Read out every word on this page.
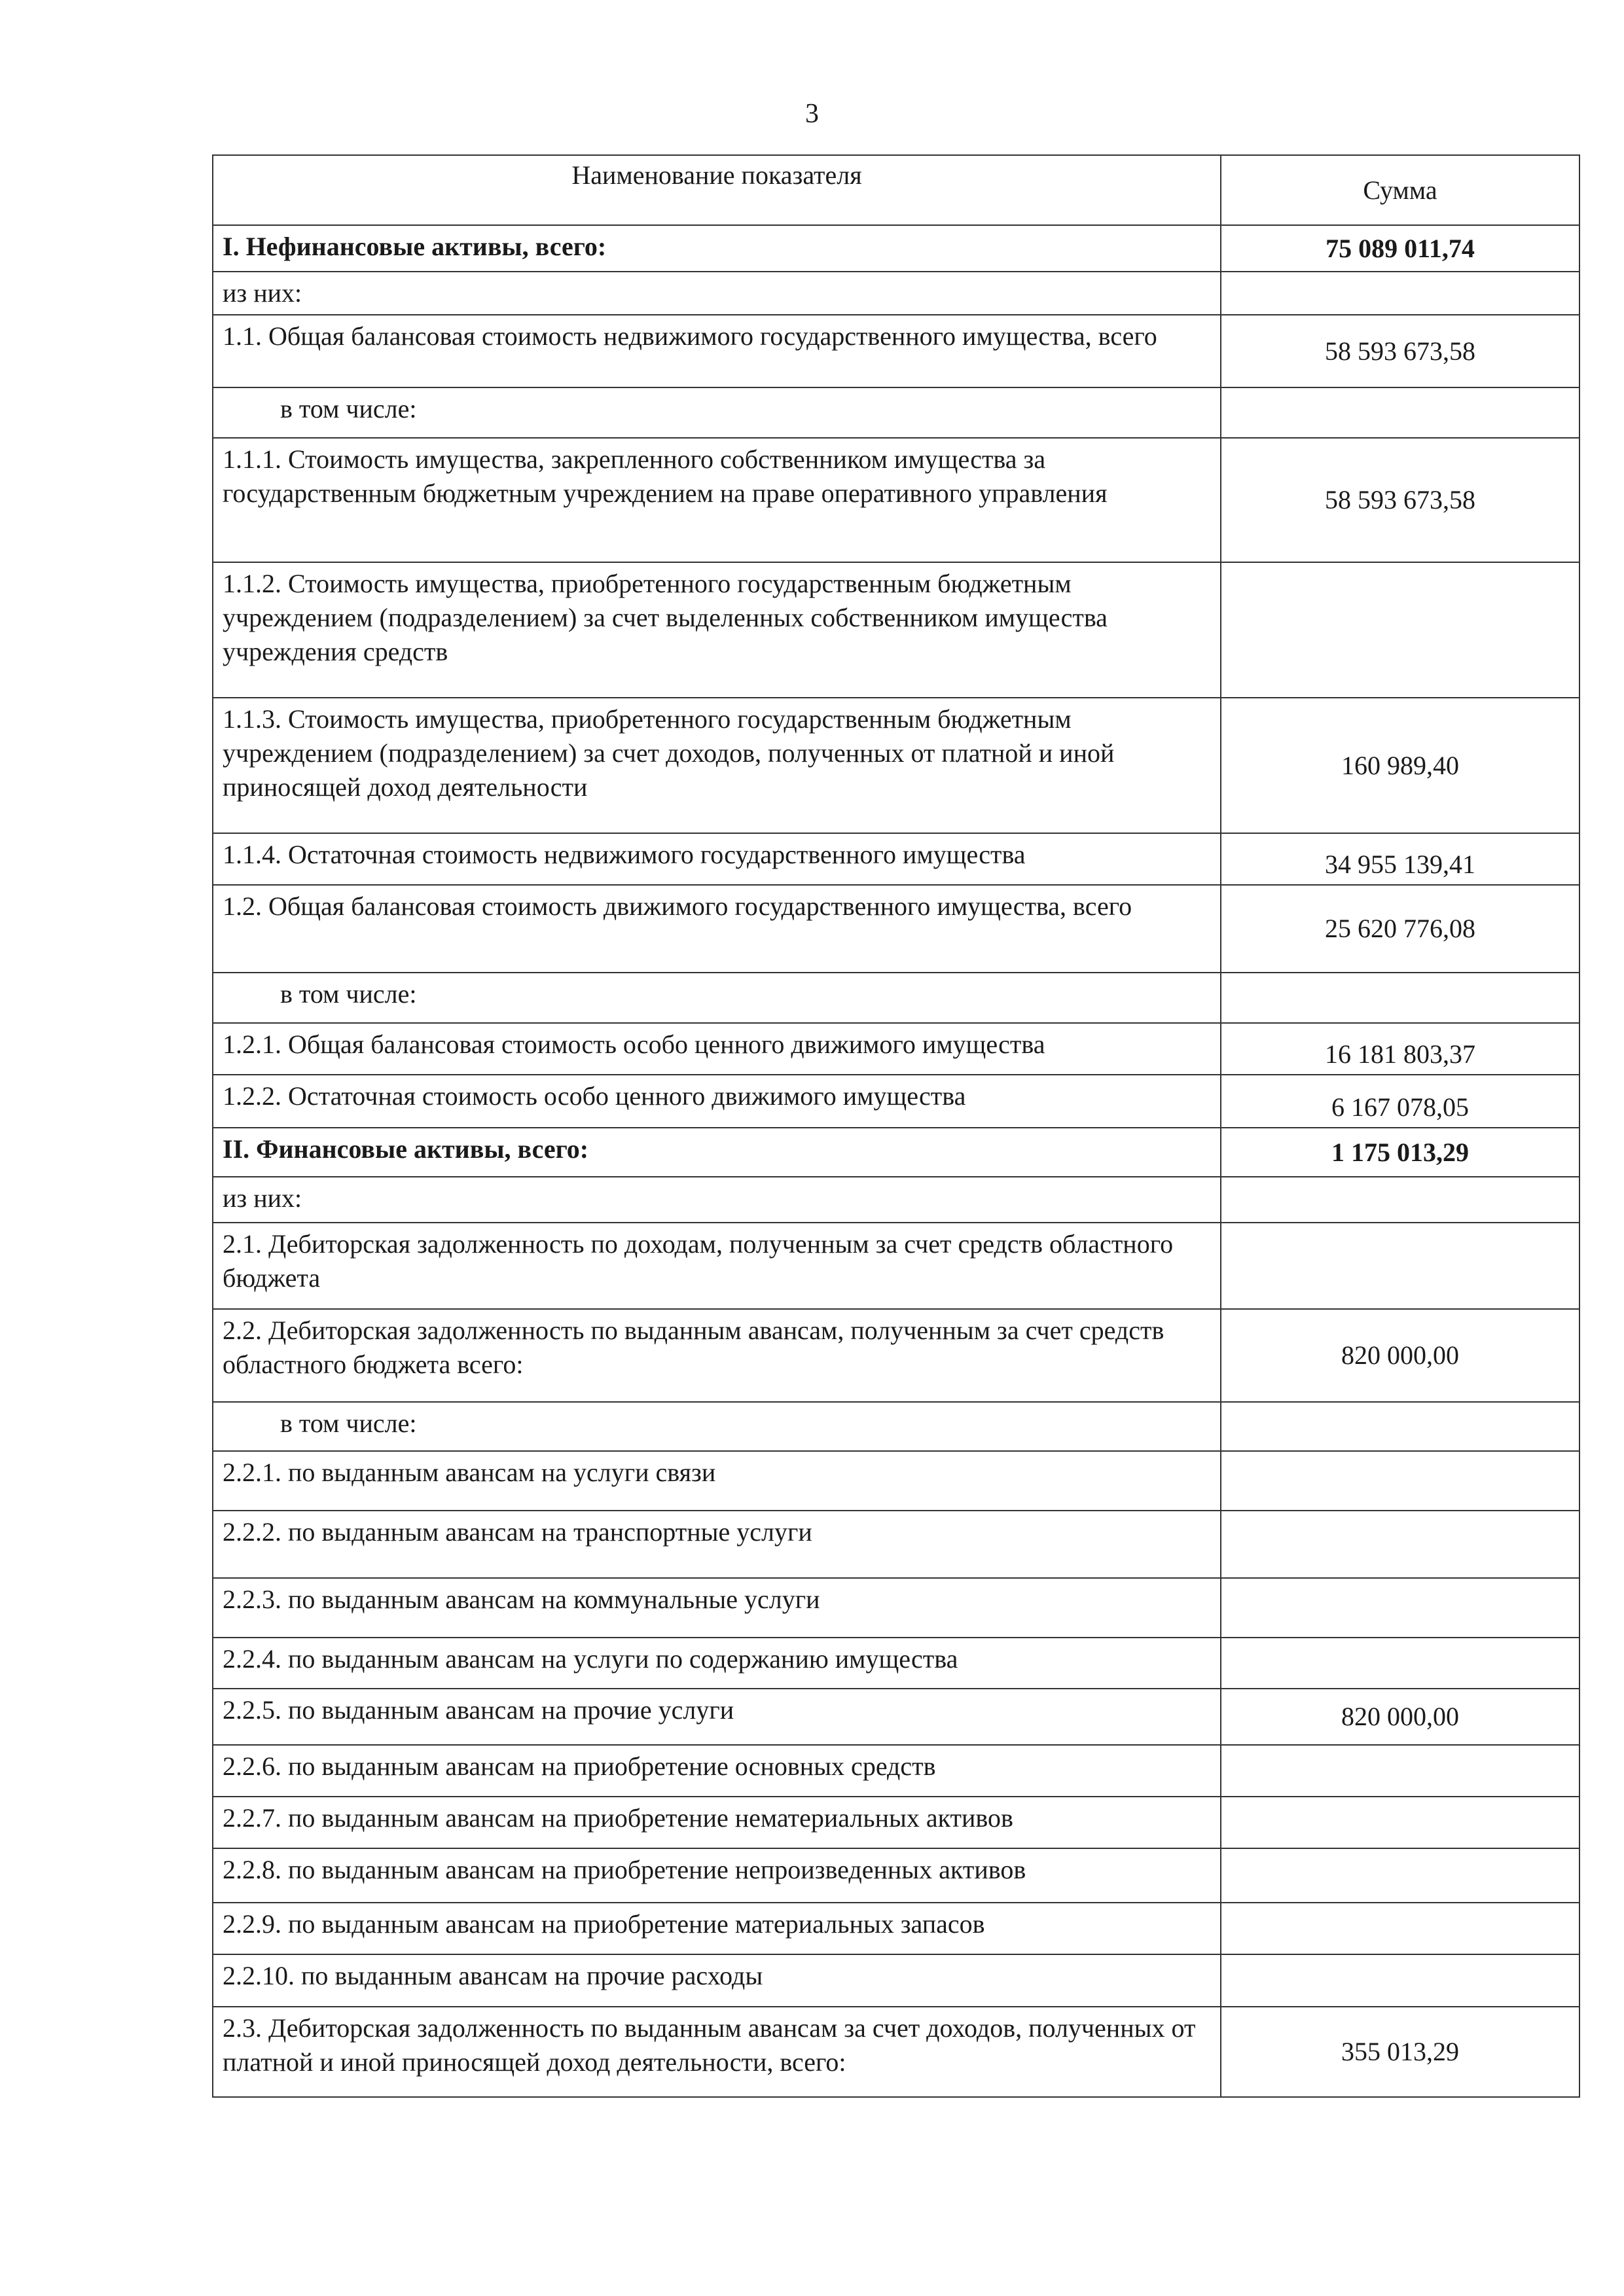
3
Наименование показателя	Сумма
I. Нефинансовые активы, всего:	75 089 011,74
из них:	
1.1. Общая балансовая стоимость недвижимого государственного имущества, всего	58 593 673,58
в том числе:	
1.1.1. Стоимость имущества, закрепленного собственником имущества за государственным бюджетным учреждением на праве оперативного управления	58 593 673,58
1.1.2. Стоимость имущества, приобретенного государственным бюджетным учреждением (подразделением) за счет выделенных собственником имущества учреждения средств	
1.1.3. Стоимость имущества, приобретенного государственным бюджетным учреждением (подразделением) за счет доходов, полученных от платной и иной приносящей доход деятельности	160 989,40
1.1.4. Остаточная стоимость недвижимого государственного имущества	34 955 139,41
1.2. Общая балансовая стоимость движимого государственного имущества, всего	25 620 776,08
в том числе:	
1.2.1. Общая балансовая стоимость особо ценного движимого имущества	16 181 803,37
1.2.2. Остаточная стоимость особо ценного движимого имущества	6 167 078,05
II. Финансовые активы, всего:	1 175 013,29
из них:	
2.1. Дебиторская задолженность по доходам, полученным за счет средств областного бюджета	
2.2. Дебиторская задолженность по выданным авансам, полученным за счет средств областного бюджета всего:	820 000,00
в том числе:	
2.2.1. по выданным авансам на услуги связи	
2.2.2. по выданным авансам на транспортные услуги	
2.2.3. по выданным авансам на коммунальные услуги	
2.2.4. по выданным авансам на услуги по содержанию имущества	
2.2.5. по выданным авансам на прочие услуги	820 000,00
2.2.6. по выданным авансам на приобретение основных средств	
2.2.7. по выданным авансам на приобретение нематериальных активов	
2.2.8. по выданным авансам на приобретение непроизведенных активов	
2.2.9. по выданным авансам на приобретение материальных запасов	
2.2.10. по выданным авансам на прочие расходы	
2.3. Дебиторская задолженность по выданным авансам за счет доходов, полученных от платной и иной приносящей доход деятельности, всего:	355 013,29
